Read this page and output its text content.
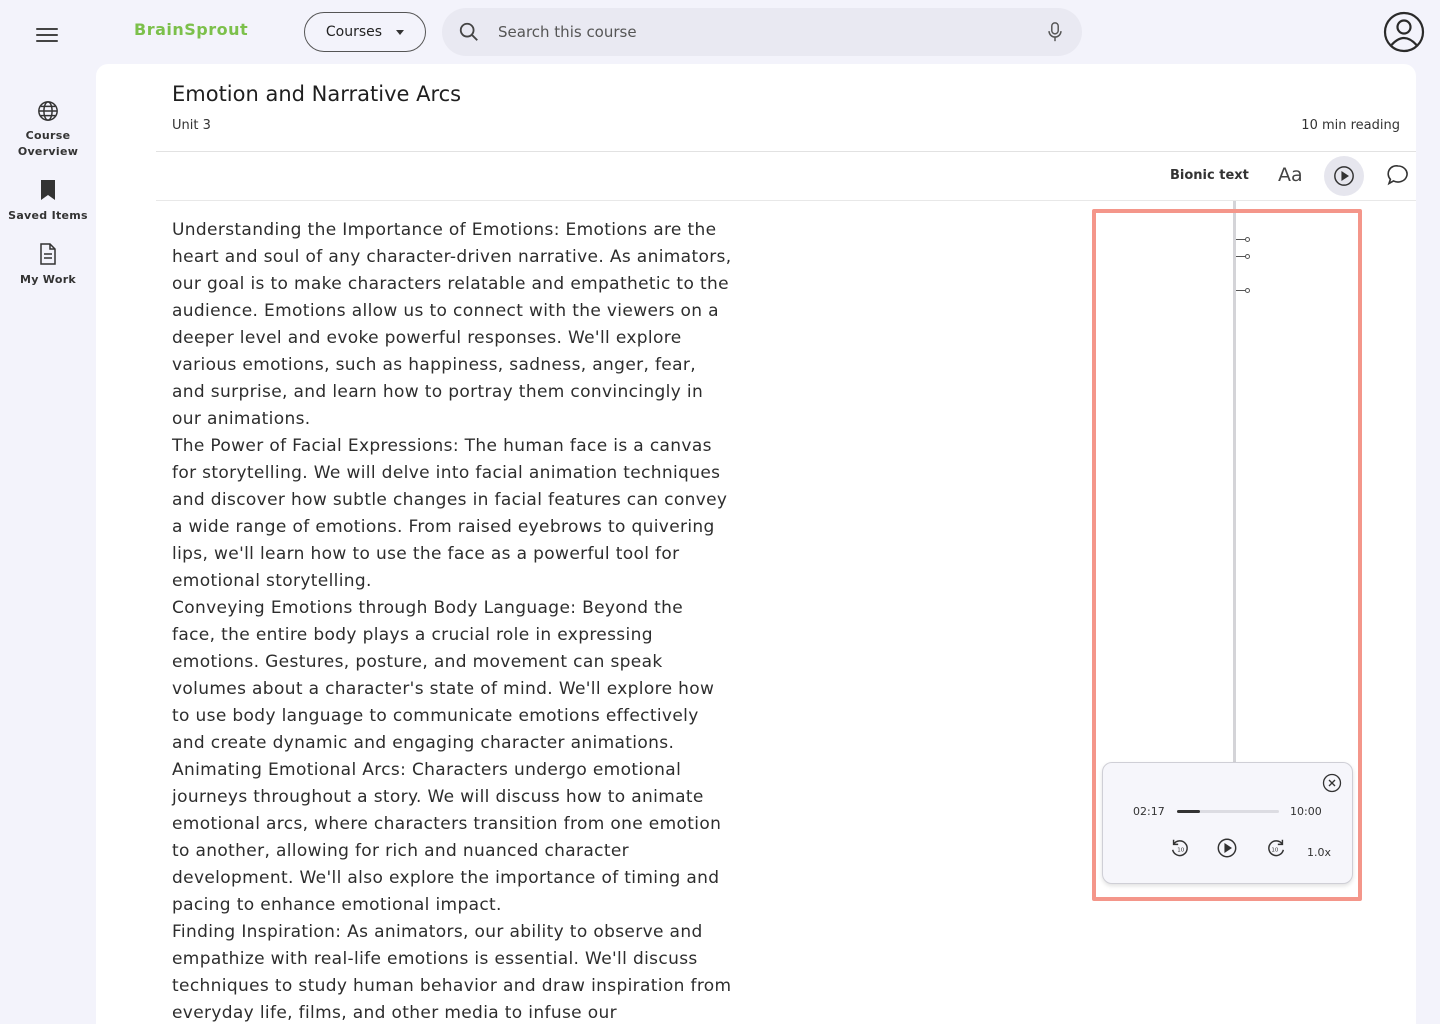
BrainSprout	Courses
Search this course
Course Overview
Saved Items
My Work
Emotion and Narrative Arcs
Unit 3	10 min reading
Bionic text Aa

Understanding the Importance of Emotions: Emotions are the heart and soul of any character-driven narrative. As animators, our goal is to make characters relatable and empathetic to the audience. Emotions allow us to connect with the viewers on a deeper level and evoke powerful responses. We'll explore various emotions, such as happiness, sadness, anger, fear, and surprise, and learn how to portray them convincingly in our animations.

The Power of Facial Expressions: The human face is a canvas for storytelling. We will delve into facial animation techniques and discover how subtle changes in facial features can convey a wide range of emotions. From raised eyebrows to quivering lips, we'll learn how to use the face as a powerful tool for emotional storytelling.

Conveying Emotions through Body Language: Beyond the face, the entire body plays a crucial role in expressing emotions. Gestures, posture, and movement can speak volumes about a character's state of mind. We'll explore how to use body language to communicate emotions effectively and create dynamic and engaging character animations.

Animating Emotional Arcs: Characters undergo emotional journeys throughout a story. We will discuss how to animate emotional arcs, where characters transition from one emotion to another, allowing for rich and nuanced character development. We'll also explore the importance of timing and pacing to enhance emotional impact.

Finding Inspiration: As animators, our ability to observe and empathize with real-life emotions is essential. We'll discuss techniques to study human behavior and draw inspiration from everyday life, films, and other media to infuse our

02:17	10:00
10	10	1.0x
